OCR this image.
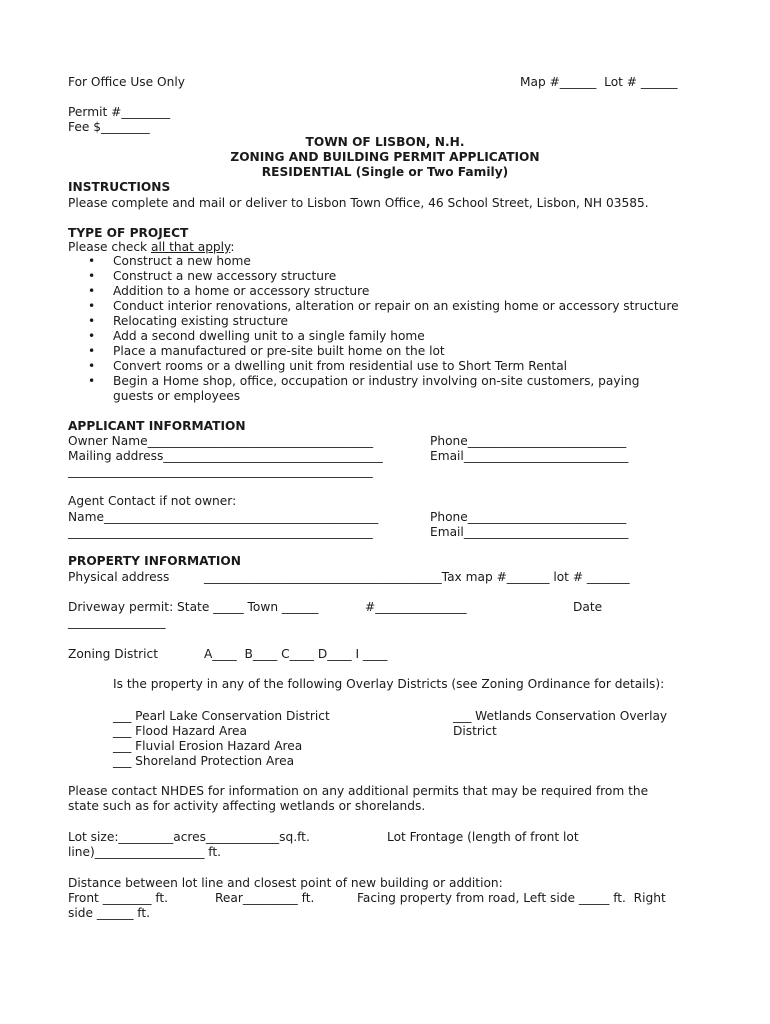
For Office Use Only	Map #______  Lot # ______
Permit #________
Fee $________
TOWN OF LISBON, N.H.
ZONING AND BUILDING PERMIT APPLICATION
RESIDENTIAL (Single or Two Family)
INSTRUCTIONS
Please complete and mail or deliver to Lisbon Town Office, 46 School Street, Lisbon, NH 03585.
TYPE OF PROJECT
Please check all that apply:
• Construct a new home
• Construct a new accessory structure
• Addition to a home or accessory structure
• Conduct interior renovations, alteration or repair on an existing home or accessory structure
• Relocating existing structure
• Add a second dwelling unit to a single family home
• Place a manufactured or pre-site built home on the lot
• Convert rooms or a dwelling unit from residential use to Short Term Rental
• Begin a Home shop, office, occupation or industry involving on-site customers, paying
guests or employees
APPLICANT INFORMATION
Owner Name_____________________________________	Phone__________________________
Mailing address____________________________________	Email___________________________
__________________________________________________
Agent Contact if not owner:
Name_____________________________________________	Phone__________________________
__________________________________________________	Email___________________________
PROPERTY INFORMATION
Physical address	_______________________________________Tax map #_______ lot # _______
Driveway permit: State _____ Town ______	#_______________	Date
________________
Zoning District	A____  B____ C____ D____ I ____
Is the property in any of the following Overlay Districts (see Zoning Ordinance for details):
___ Pearl Lake Conservation District
___ Flood Hazard Area
___ Fluvial Erosion Hazard Area
___ Shoreland Protection Area
___ Wetlands Conservation Overlay
District
Please contact NHDES for information on any additional permits that may be required from the
state such as for activity affecting wetlands or shorelands.
Lot size:_________acres____________sq.ft.	Lot Frontage (length of front lot
line)__________________ ft.
Distance between lot line and closest point of new building or addition:
Front ________ ft.	Rear_________ ft.	Facing property from road, Left side _____ ft.  Right
side ______ ft.
